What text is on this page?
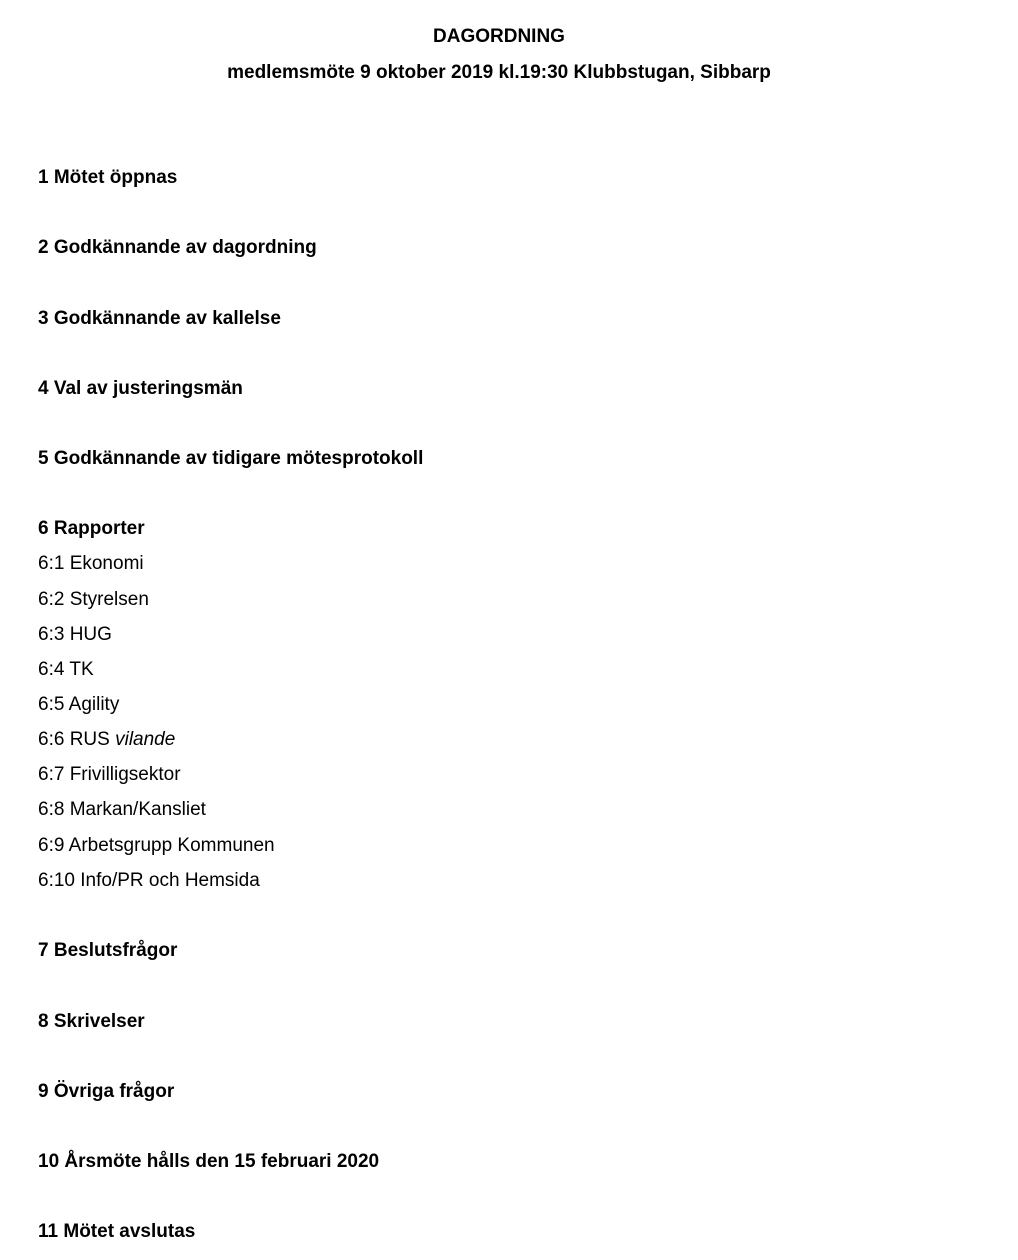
DAGORDNING
medlemsmöte 9 oktober 2019 kl.19:30 Klubbstugan, Sibbarp
1 Mötet öppnas
2 Godkännande av dagordning
3 Godkännande av kallelse
4 Val av justeringsmän
5 Godkännande av tidigare mötesprotokoll
6 Rapporter
6:1 Ekonomi
6:2 Styrelsen
6:3 HUG
6:4 TK
6:5 Agility
6:6 RUS vilande
6:7 Frivilligsektor
6:8 Markan/Kansliet
6:9 Arbetsgrupp Kommunen
6:10 Info/PR och Hemsida
7 Beslutsfrågor
8 Skrivelser
9 Övriga frågor
10 Årsmöte hålls den 15 februari 2020
11 Mötet avslutas
